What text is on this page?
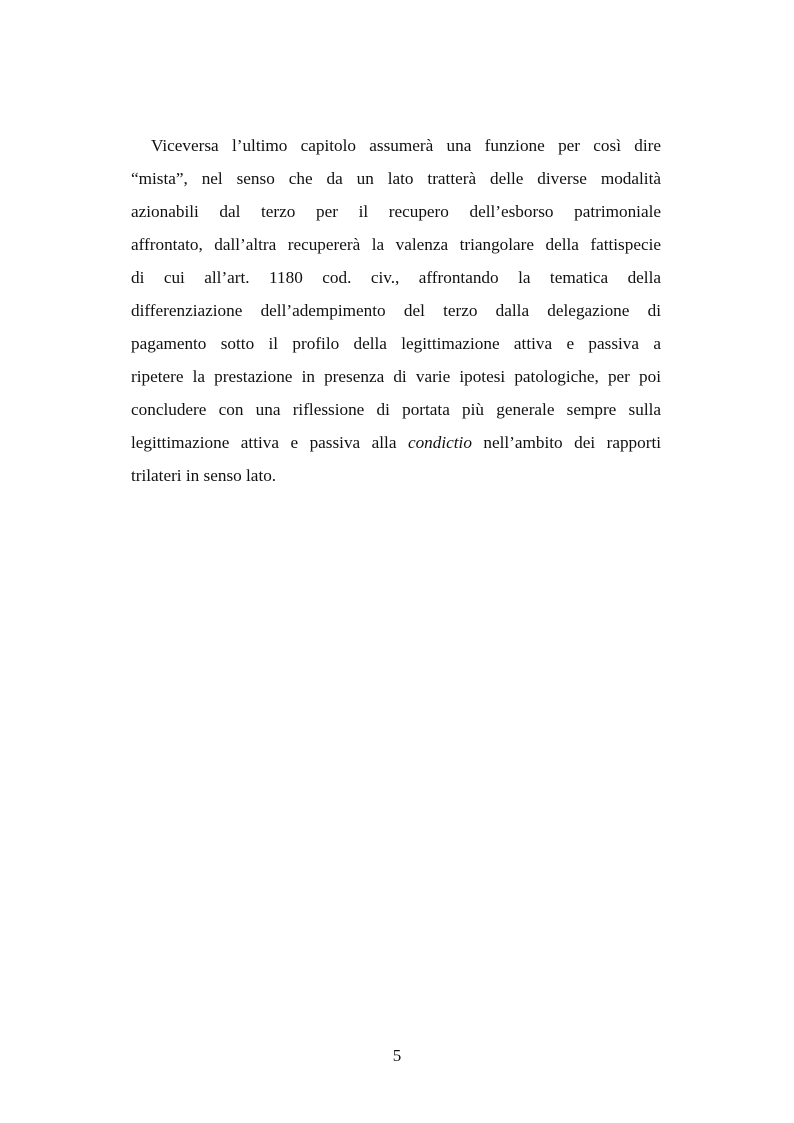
Viceversa l’ultimo capitolo assumerà una funzione per così dire
“mista”, nel senso che da un lato tratterà delle diverse modalità
azionabili dal terzo per il recupero dell’esborso patrimoniale
affrontato, dall’altra recupererà la valenza triangolare della fattispecie
di cui all’art. 1180 cod. civ., affrontando la tematica della
differenziazione dell’adempimento del terzo dalla delegazione di
pagamento sotto il profilo della legittimazione attiva e passiva a
ripetere la prestazione in presenza di varie ipotesi patologiche, per poi
concludere con una riflessione di portata più generale sempre sulla
legittimazione attiva e passiva alla condictio nell’ambito dei rapporti
trilateri in senso lato.
5
